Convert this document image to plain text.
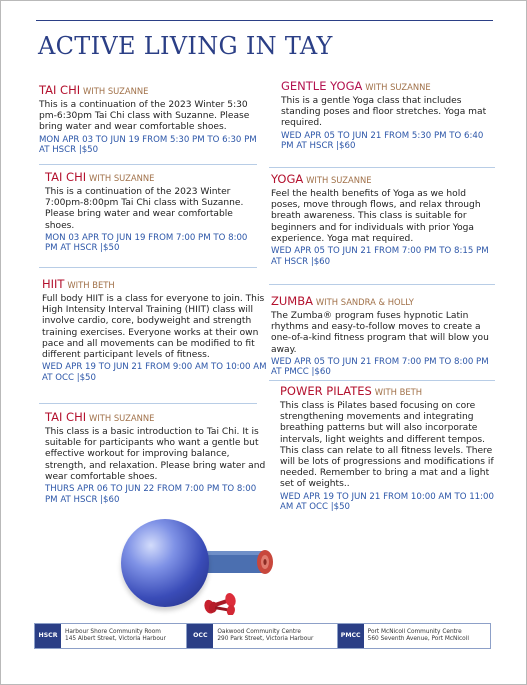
ACTIVE LIVING IN TAY
TAI CHI WITH SUZANNE

This is a continuation of the 2023 Winter 5:30 pm-6:30pm Tai Chi class with Suzanne. Please bring water and wear comfortable shoes.

MON APR 03 TO JUN 19 FROM 5:30 PM TO 6:30 PM AT HSCR |$50
TAI CHI WITH SUZANNE

This is a continuation of the 2023 Winter 7:00pm-8:00pm Tai Chi class with Suzanne. Please bring water and wear comfortable shoes.

MON 03 APR TO JUN 19 FROM 7:00 PM TO 8:00 PM AT HSCR |$50
HIIT WITH BETH

Full body HIIT is a class for everyone to join. This High Intensity Interval Training (HIIT) class will involve cardio, core, bodyweight and strength training exercises. Everyone works at their own pace and all movements can be modified to fit different participant levels of fitness.

WED APR 19 TO JUN 21 FROM 9:00 AM TO 10:00 AM AT OCC |$50
TAI CHI WITH SUZANNE

This class is a basic introduction to Tai Chi. It is suitable for participants who want a gentle but effective workout for improving balance, strength, and relaxation. Please bring water and wear comfortable shoes.

THURS APR 06 TO JUN 22 FROM 7:00 PM TO 8:00 PM AT HSCR |$60
GENTLE YOGA WITH SUZANNE

This is a gentle Yoga class that includes standing poses and floor stretches. Yoga mat required.

WED APR 05 TO JUN 21 FROM 5:30 PM TO 6:40 PM AT HSCR |$60
YOGA WITH SUZANNE

Feel the health benefits of Yoga as we hold poses, move through flows, and relax through breath awareness. This class is suitable for beginners and for individuals with prior Yoga experience. Yoga mat required.

WED APR 05 TO JUN 21 FROM 7:00 PM TO 8:15 PM AT HSCR |$60
ZUMBA WITH SANDRA & HOLLY

The Zumba® program fuses hypnotic Latin rhythms and easy-to-follow moves to create a one-of-a-kind fitness program that will blow you away.

WED APR 05 TO JUN 21 FROM 7:00 PM TO 8:00 PM AT PMCC |$60
POWER PILATES WITH BETH

This class is Pilates based focusing on core strengthening movements and integrating breathing patterns but will also incorporate intervals, light weights and different tempos. This class can relate to all fitness levels. There will be lots of progressions and modifications if needed. Remember to bring a mat and a light set of weights..

WED APR 19 TO JUN 21 FROM 10:00 AM TO 11:00 AM AT OCC |$50
HSCR
Harbour Shore Community Room
145 Albert Street, Victoria Harbour	OCC
Oakwood Community Centre
290 Park Street, Victoria Harbour	PMCC
Port McNicoll Community Centre
560 Seventh Avenue, Port McNicoll
